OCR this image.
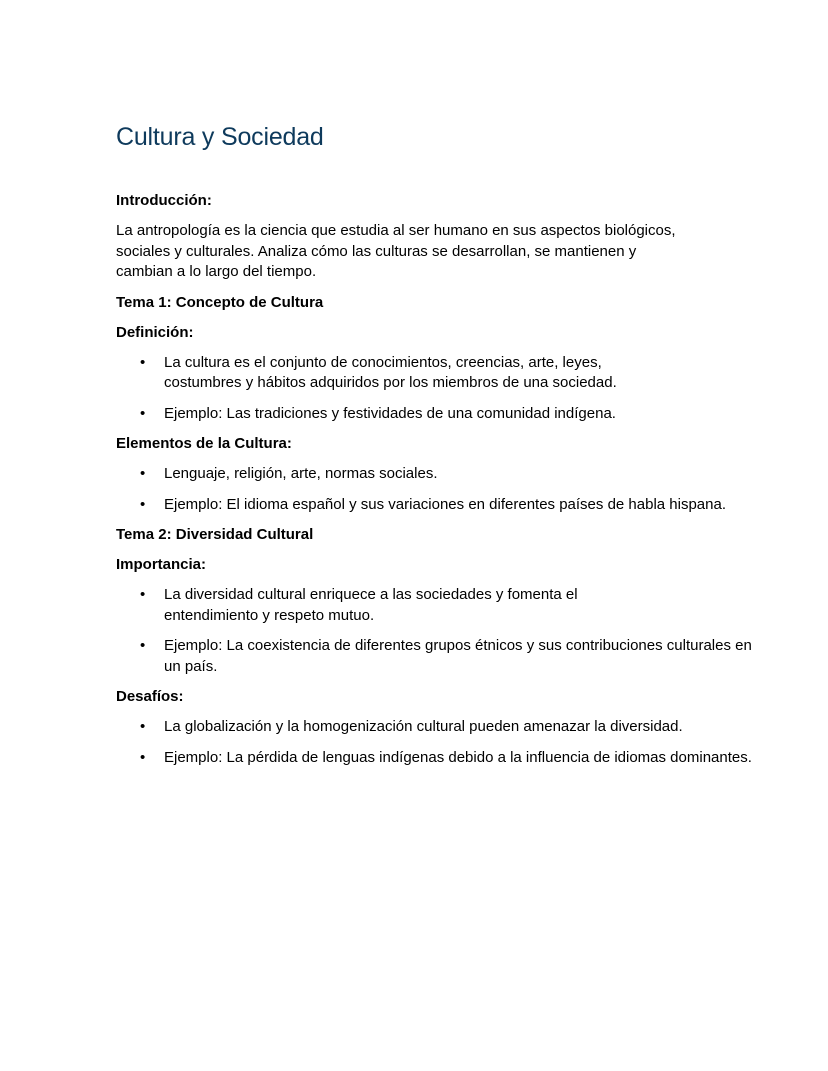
Cultura y Sociedad

Introducción:

La antropología es la ciencia que estudia al ser humano en sus aspectos biológicos, sociales y culturales. Analiza cómo las culturas se desarrollan, se mantienen y cambian a lo largo del tiempo.

Tema 1: Concepto de Cultura

Definición:

• La cultura es el conjunto de conocimientos, creencias, arte, leyes, costumbres y hábitos adquiridos por los miembros de una sociedad.
• Ejemplo: Las tradiciones y festividades de una comunidad indígena.

Elementos de la Cultura:

• Lenguaje, religión, arte, normas sociales.
• Ejemplo: El idioma español y sus variaciones en diferentes países de habla hispana.

Tema 2: Diversidad Cultural

Importancia:

• La diversidad cultural enriquece a las sociedades y fomenta el entendimiento y respeto mutuo.
• Ejemplo: La coexistencia de diferentes grupos étnicos y sus contribuciones culturales en un país.

Desafíos:

• La globalización y la homogenización cultural pueden amenazar la diversidad.
• Ejemplo: La pérdida de lenguas indígenas debido a la influencia de idiomas dominantes.
